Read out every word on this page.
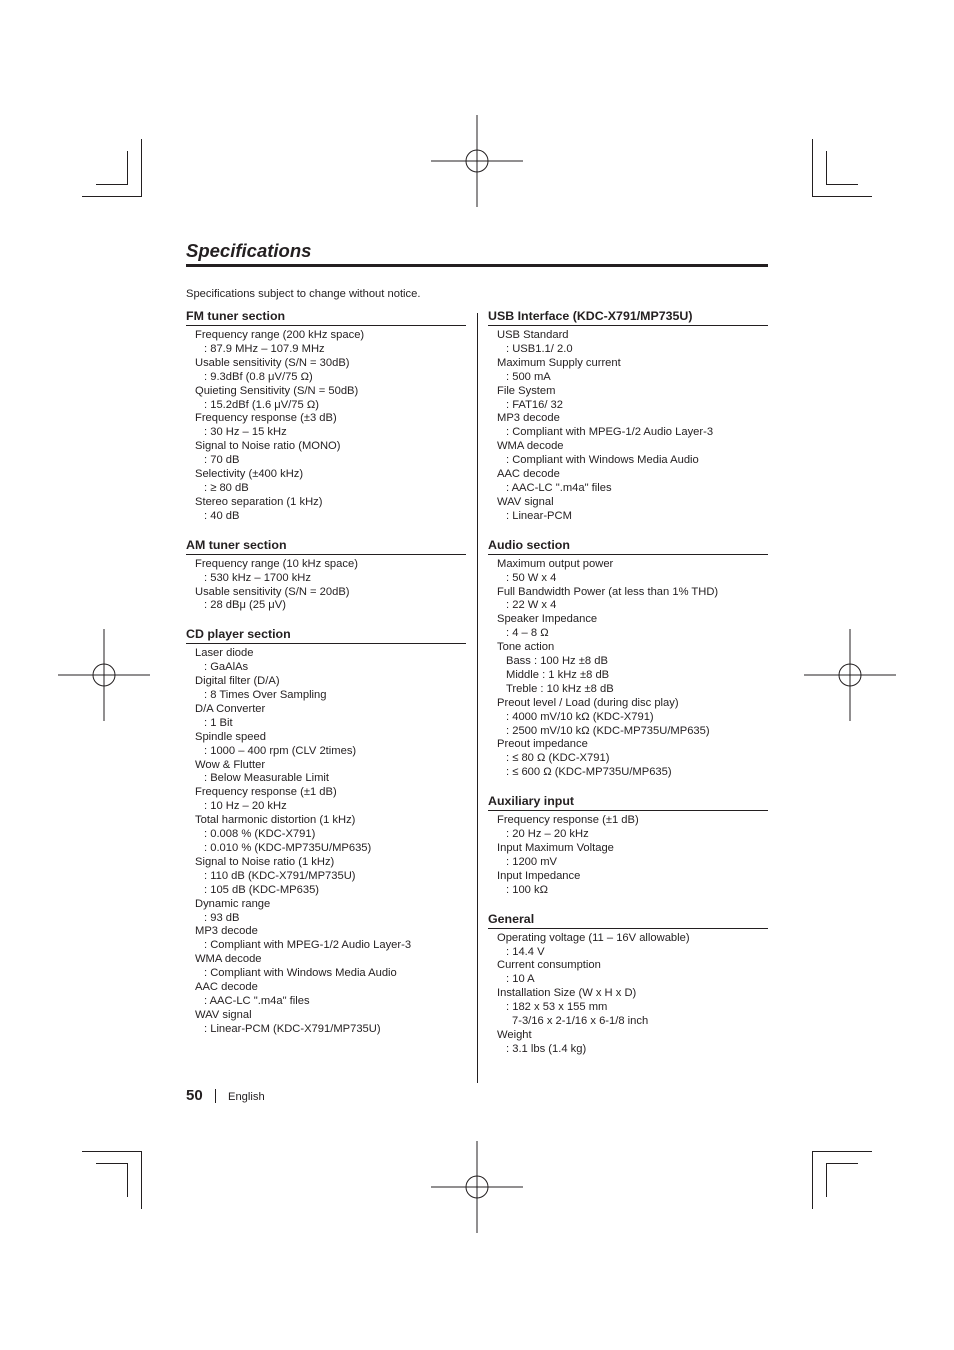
Specifications
Specifications subject to change without notice.
FM tuner section
Frequency range (200 kHz space)
: 87.9 MHz – 107.9 MHz
Usable sensitivity (S/N = 30dB)
: 9.3dBf (0.8 μV/75 Ω)
Quieting Sensitivity (S/N = 50dB)
: 15.2dBf (1.6 μV/75 Ω)
Frequency response (±3 dB)
: 30 Hz – 15 kHz
Signal to Noise ratio (MONO)
: 70 dB
Selectivity (±400 kHz)
: ≥ 80 dB
Stereo separation (1 kHz)
: 40 dB
AM tuner section
Frequency range (10 kHz space)
: 530 kHz – 1700 kHz
Usable sensitivity (S/N = 20dB)
: 28 dBμ (25 μV)
CD player section
Laser diode
: GaAlAs
Digital filter (D/A)
: 8 Times Over Sampling
D/A Converter
: 1 Bit
Spindle speed
: 1000 – 400 rpm (CLV 2times)
Wow & Flutter
: Below Measurable Limit
Frequency response (±1 dB)
: 10 Hz – 20 kHz
Total harmonic distortion (1 kHz)
: 0.008 % (KDC-X791)
: 0.010 % (KDC-MP735U/MP635)
Signal to Noise ratio (1 kHz)
: 110 dB (KDC-X791/MP735U)
: 105 dB (KDC-MP635)
Dynamic range
: 93 dB
MP3 decode
: Compliant with MPEG-1/2 Audio Layer-3
WMA decode
: Compliant with Windows Media Audio
AAC decode
: AAC-LC ".m4a" files
WAV signal
: Linear-PCM (KDC-X791/MP735U)
USB Interface (KDC-X791/MP735U)
USB Standard
: USB1.1/ 2.0
Maximum Supply current
: 500 mA
File System
: FAT16/ 32
MP3 decode
: Compliant with MPEG-1/2 Audio Layer-3
WMA decode
: Compliant with Windows Media Audio
AAC decode
: AAC-LC ".m4a" files
WAV signal
: Linear-PCM
Audio section
Maximum output power
: 50 W x 4
Full Bandwidth Power (at less than 1% THD)
: 22 W x 4
Speaker Impedance
: 4 – 8 Ω
Tone action
Bass : 100 Hz ±8 dB
Middle : 1 kHz ±8 dB
Treble : 10 kHz ±8 dB
Preout level / Load (during disc play)
: 4000 mV/10 kΩ (KDC-X791)
: 2500 mV/10 kΩ (KDC-MP735U/MP635)
Preout impedance
: ≤ 80 Ω (KDC-X791)
: ≤ 600 Ω (KDC-MP735U/MP635)
Auxiliary input
Frequency response (±1 dB)
: 20 Hz – 20 kHz
Input Maximum Voltage
: 1200 mV
Input Impedance
: 100 kΩ
General
Operating voltage (11 – 16V allowable)
: 14.4 V
Current consumption
: 10 A
Installation Size (W x H x D)
: 182 x 53 x 155 mm
7-3/16 x 2-1/16 x 6-1/8 inch
Weight
: 3.1 lbs (1.4 kg)
50 English
